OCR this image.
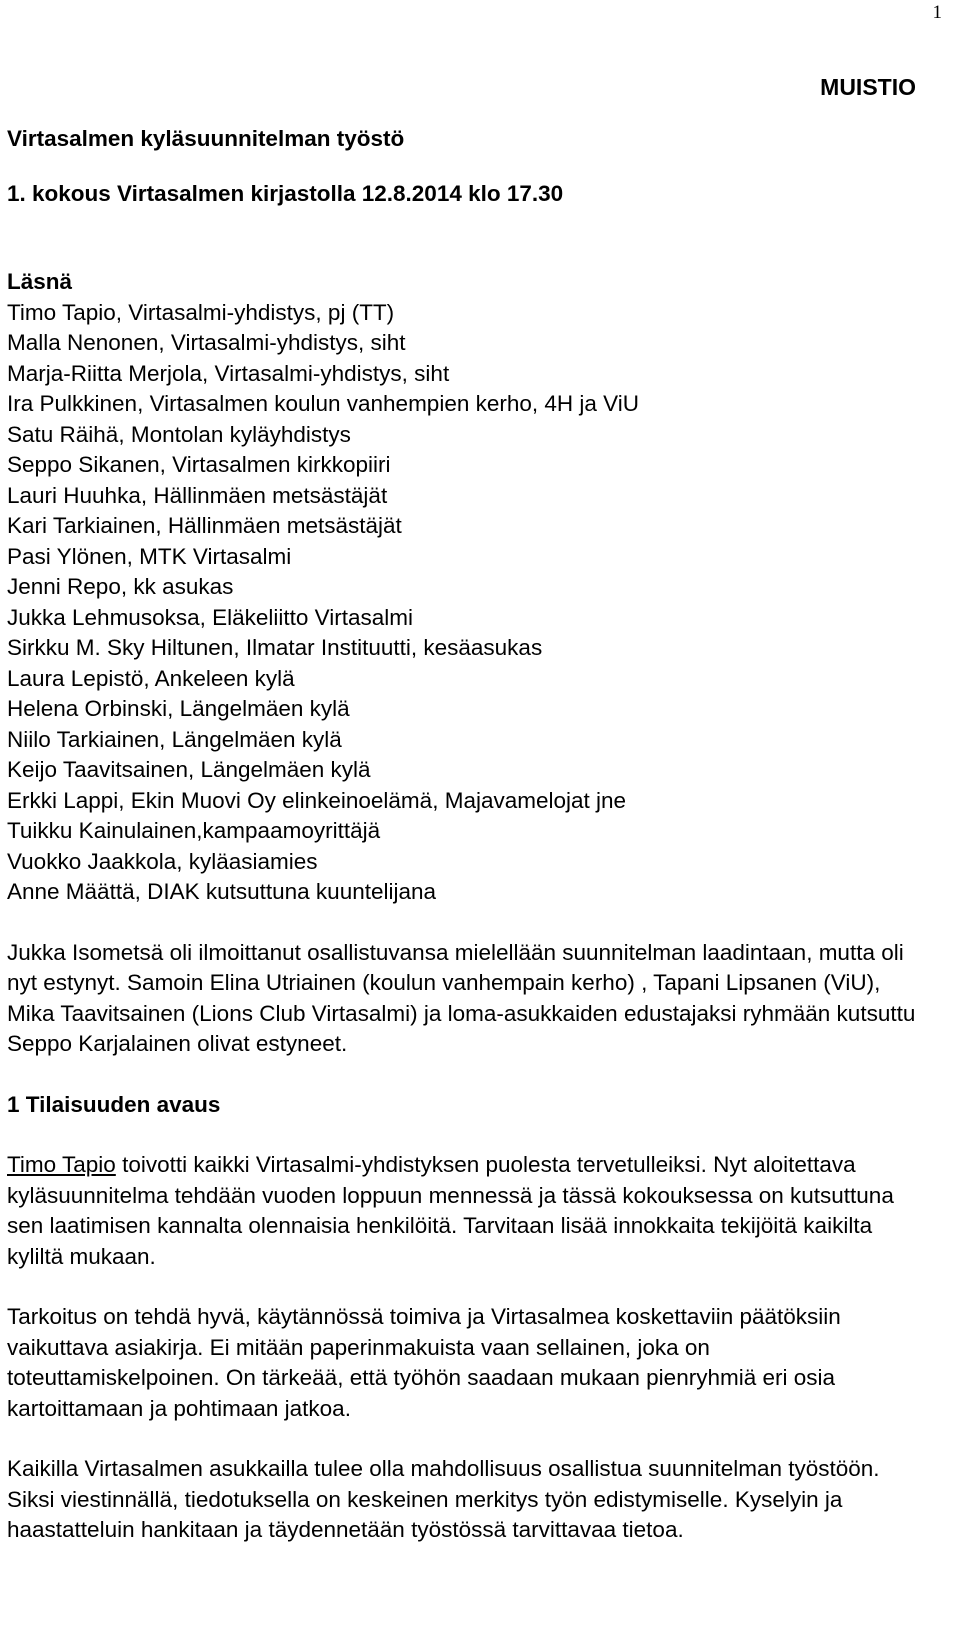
1
MUISTIO
Virtasalmen kyläsuunnitelman työstö
1. kokous Virtasalmen kirjastolla 12.8.2014 klo 17.30
Läsnä
Timo Tapio, Virtasalmi-yhdistys, pj (TT)
Malla Nenonen, Virtasalmi-yhdistys, siht
Marja-Riitta Merjola, Virtasalmi-yhdistys, siht
Ira Pulkkinen, Virtasalmen koulun vanhempien kerho, 4H ja ViU
Satu Räihä, Montolan kyläyhdistys
Seppo Sikanen, Virtasalmen kirkkopiiri
Lauri Huuhka, Hällinmäen metsästäjät
Kari Tarkiainen, Hällinmäen metsästäjät
Pasi Ylönen, MTK Virtasalmi
Jenni Repo, kk asukas
Jukka Lehmusoksa, Eläkeliitto Virtasalmi
Sirkku M. Sky Hiltunen, Ilmatar Instituutti, kesäasukas
Laura Lepistö, Ankeleen kylä
Helena Orbinski, Längelmäen kylä
Niilo Tarkiainen, Längelmäen kylä
Keijo Taavitsainen, Längelmäen kylä
Erkki Lappi, Ekin Muovi Oy elinkeinoelämä, Majavamelojat jne
Tuikku Kainulainen,kampaamoyrittäjä
Vuokko Jaakkola, kyläasiamies
Anne Määttä, DIAK kutsuttuna kuuntelijana

Jukka Isometsä oli ilmoittanut osallistuvansa mielellään suunnitelman laadintaan, mutta oli nyt estynyt. Samoin Elina Utriainen (koulun vanhempain kerho) , Tapani Lipsanen (ViU), Mika Taavitsainen (Lions Club Virtasalmi) ja loma-asukkaiden edustajaksi ryhmään kutsuttu Seppo Karjalainen olivat estyneet.

1 Tilaisuuden avaus

Timo Tapio toivotti kaikki Virtasalmi-yhdistyksen puolesta tervetulleiksi. Nyt aloitettava kyläsuunnitelma tehdään vuoden loppuun mennessä ja tässä kokouksessa on kutsuttuna sen laatimisen kannalta olennaisia henkilöitä. Tarvitaan lisää innokkaita tekijöitä kaikilta kyliltä mukaan.

Tarkoitus on tehdä hyvä, käytännössä toimiva ja Virtasalmea koskettaviin päätöksiin vaikuttava asiakirja. Ei mitään paperinmakuista vaan sellainen, joka on toteuttamiskelpoinen. On tärkeää, että työhön saadaan mukaan pienryhmiä eri osia kartoittamaan ja pohtimaan jatkoa.

Kaikilla Virtasalmen asukkailla tulee olla mahdollisuus osallistua suunnitelman työstöön. Siksi viestinnällä, tiedotuksella on keskeinen merkitys työn edistymiselle. Kyselyin ja haastatteluin hankitaan ja täydennetään työstössä tarvittavaa tietoa.
